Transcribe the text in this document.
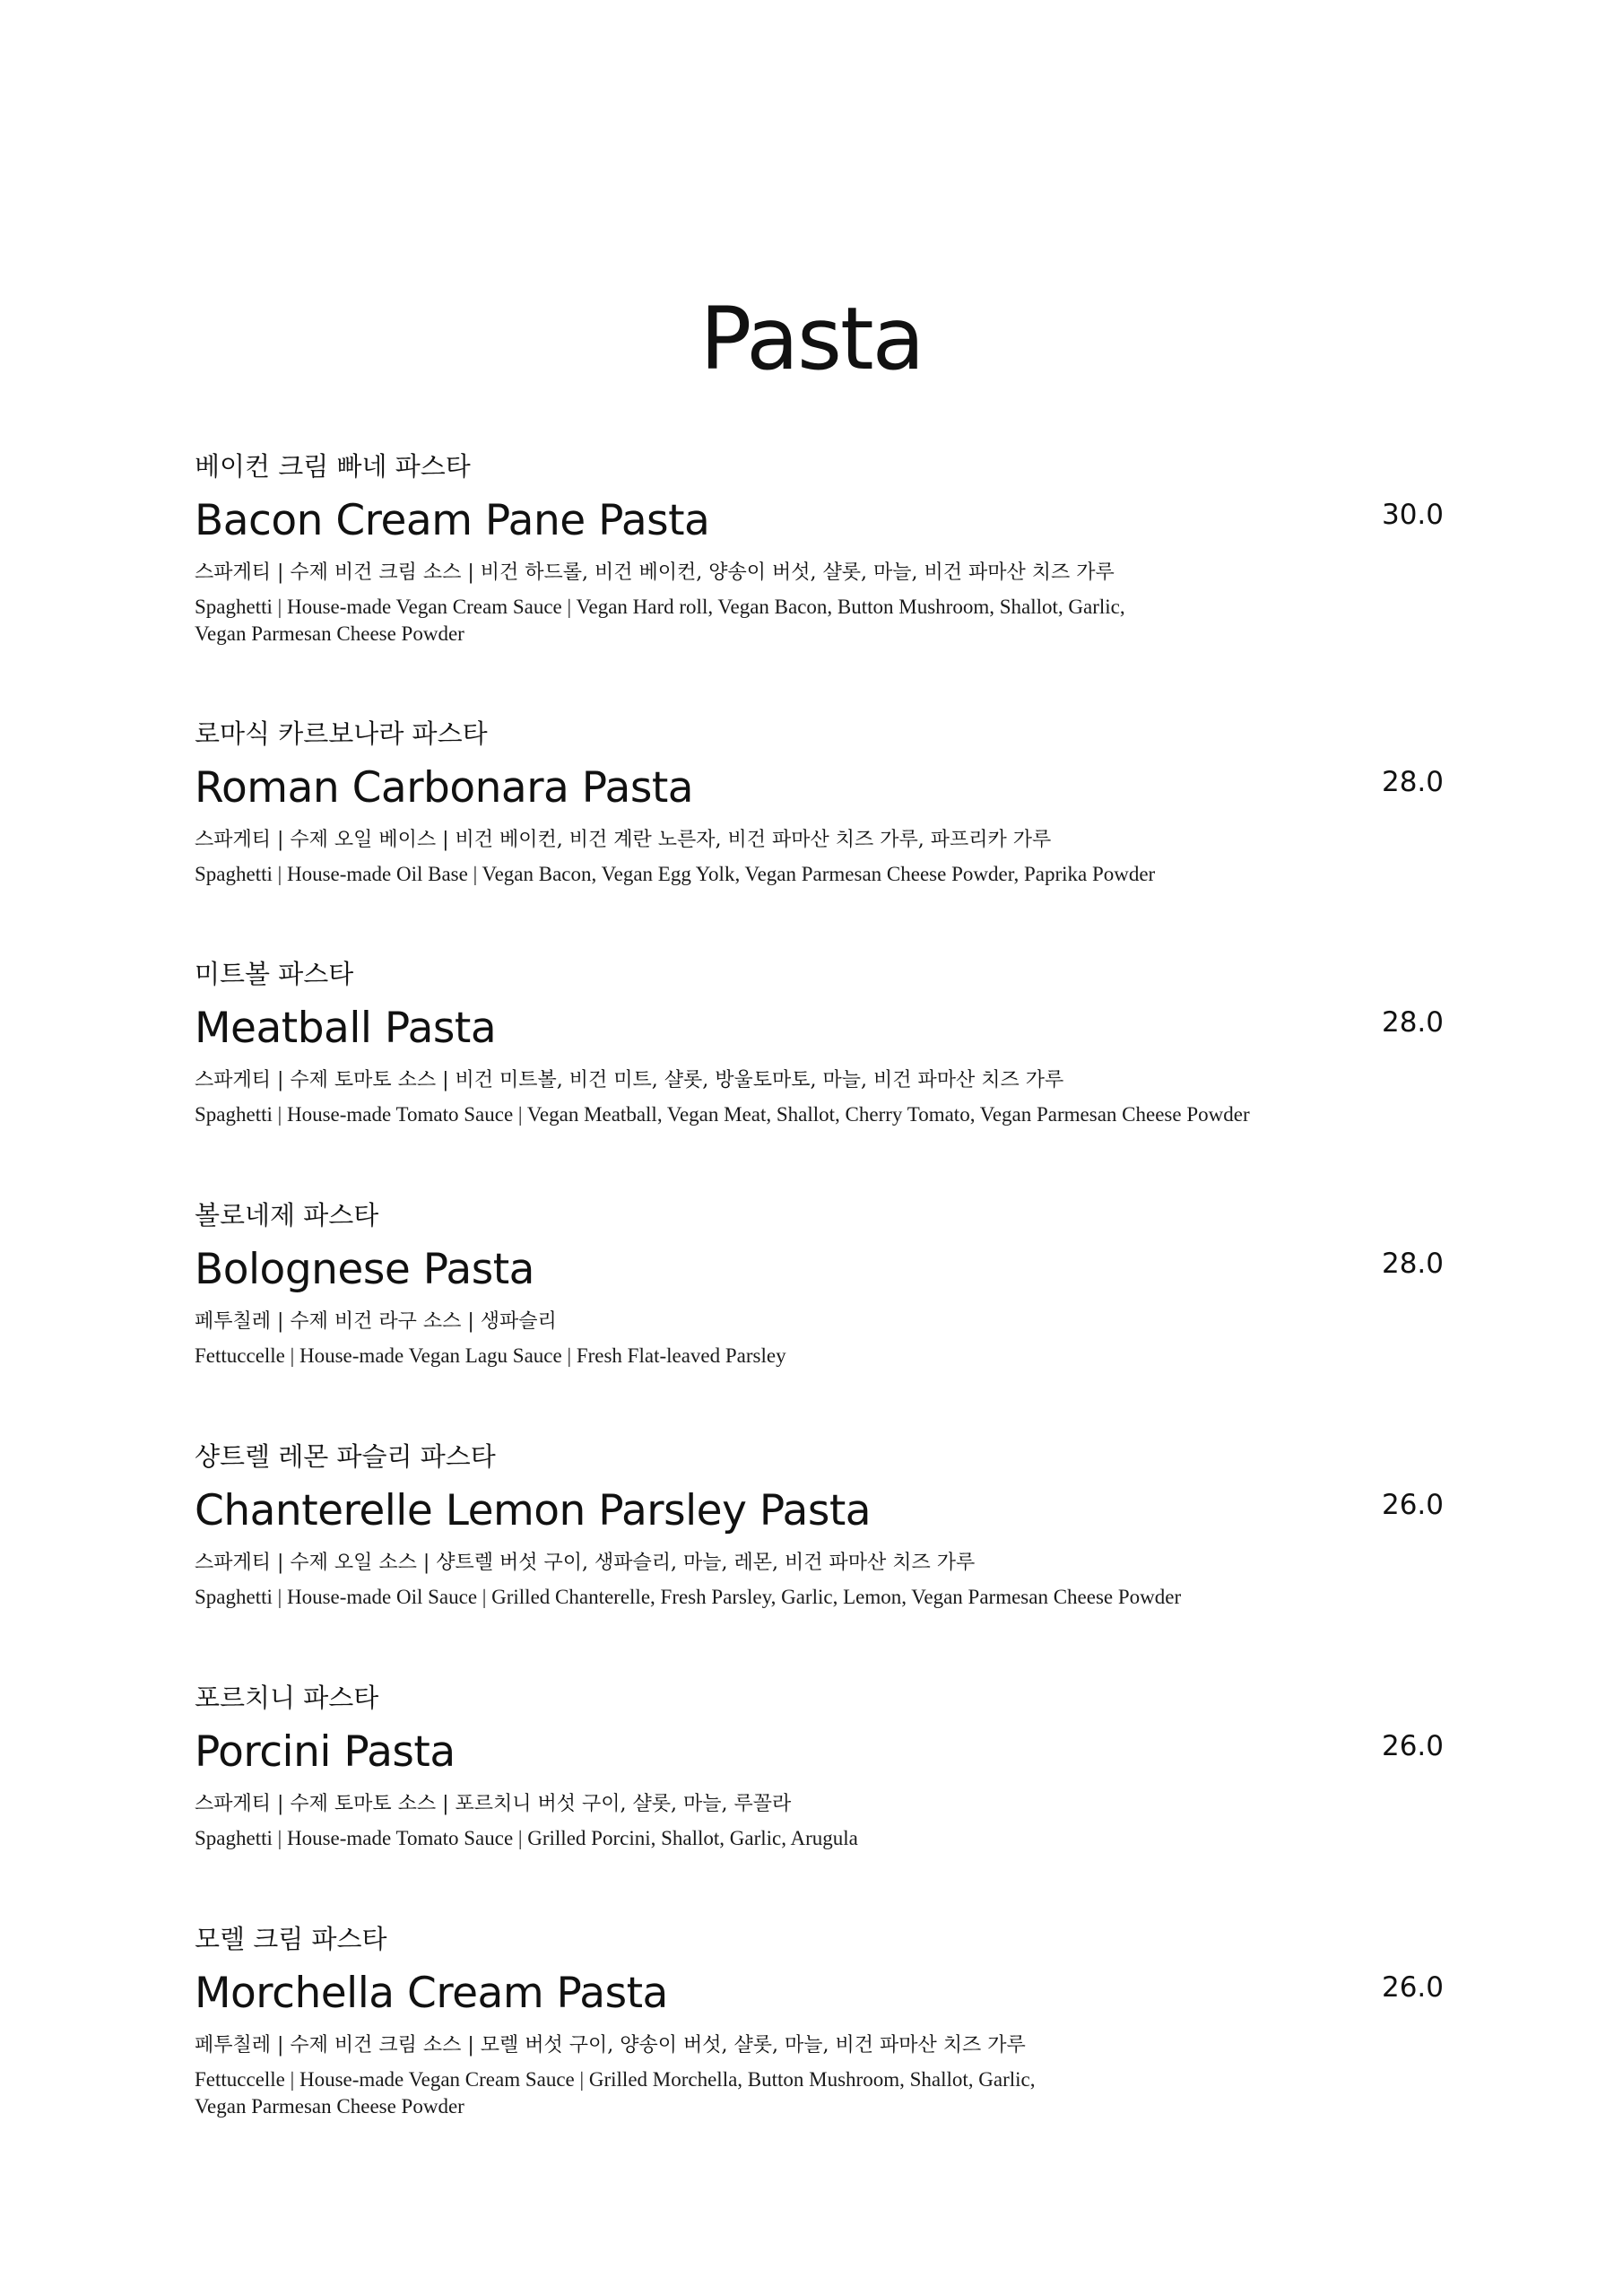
Pasta
베이컨 크림 빠네 파스타
Bacon Cream Pane Pasta	30.0
스파게티 | 수제 비건 크림 소스 | 비건 하드롤, 비건 베이컨, 양송이 버섯, 샬롯, 마늘, 비건 파마산 치즈 가루
Spaghetti | House-made Vegan Cream Sauce | Vegan Hard roll, Vegan Bacon, Button Mushroom, Shallot, Garlic,
Vegan Parmesan Cheese Powder
로마식 카르보나라 파스타
Roman Carbonara Pasta	28.0
스파게티 | 수제 오일 베이스 | 비건 베이컨, 비건 계란 노른자, 비건 파마산 치즈 가루, 파프리카 가루
Spaghetti | House-made Oil Base | Vegan Bacon, Vegan Egg Yolk, Vegan Parmesan Cheese Powder, Paprika Powder
미트볼 파스타
Meatball Pasta	28.0
스파게티 | 수제 토마토 소스 | 비건 미트볼, 비건 미트, 샬롯, 방울토마토, 마늘, 비건 파마산 치즈 가루
Spaghetti | House-made Tomato Sauce | Vegan Meatball, Vegan Meat, Shallot, Cherry Tomato, Vegan Parmesan Cheese Powder
볼로네제 파스타
Bolognese Pasta	28.0
페투칠레 | 수제 비건 라구 소스 | 생파슬리
Fettuccelle | House-made Vegan Lagu Sauce | Fresh Flat-leaved Parsley
샹트렐 레몬 파슬리 파스타
Chanterelle Lemon Parsley Pasta	26.0
스파게티 | 수제 오일 소스 | 샹트렐 버섯 구이, 생파슬리, 마늘, 레몬, 비건 파마산 치즈 가루
Spaghetti | House-made Oil Sauce | Grilled Chanterelle, Fresh Parsley, Garlic, Lemon, Vegan Parmesan Cheese Powder
포르치니 파스타
Porcini Pasta	26.0
스파게티 | 수제 토마토 소스 | 포르치니 버섯 구이, 샬롯, 마늘, 루꼴라
Spaghetti | House-made Tomato Sauce | Grilled Porcini, Shallot, Garlic, Arugula
모렐 크림 파스타
Morchella Cream Pasta	26.0
페투칠레 | 수제 비건 크림 소스 | 모렐 버섯 구이, 양송이 버섯, 샬롯, 마늘, 비건 파마산 치즈 가루
Fettuccelle | House-made Vegan Cream Sauce | Grilled Morchella, Button Mushroom, Shallot, Garlic,
Vegan Parmesan Cheese Powder
